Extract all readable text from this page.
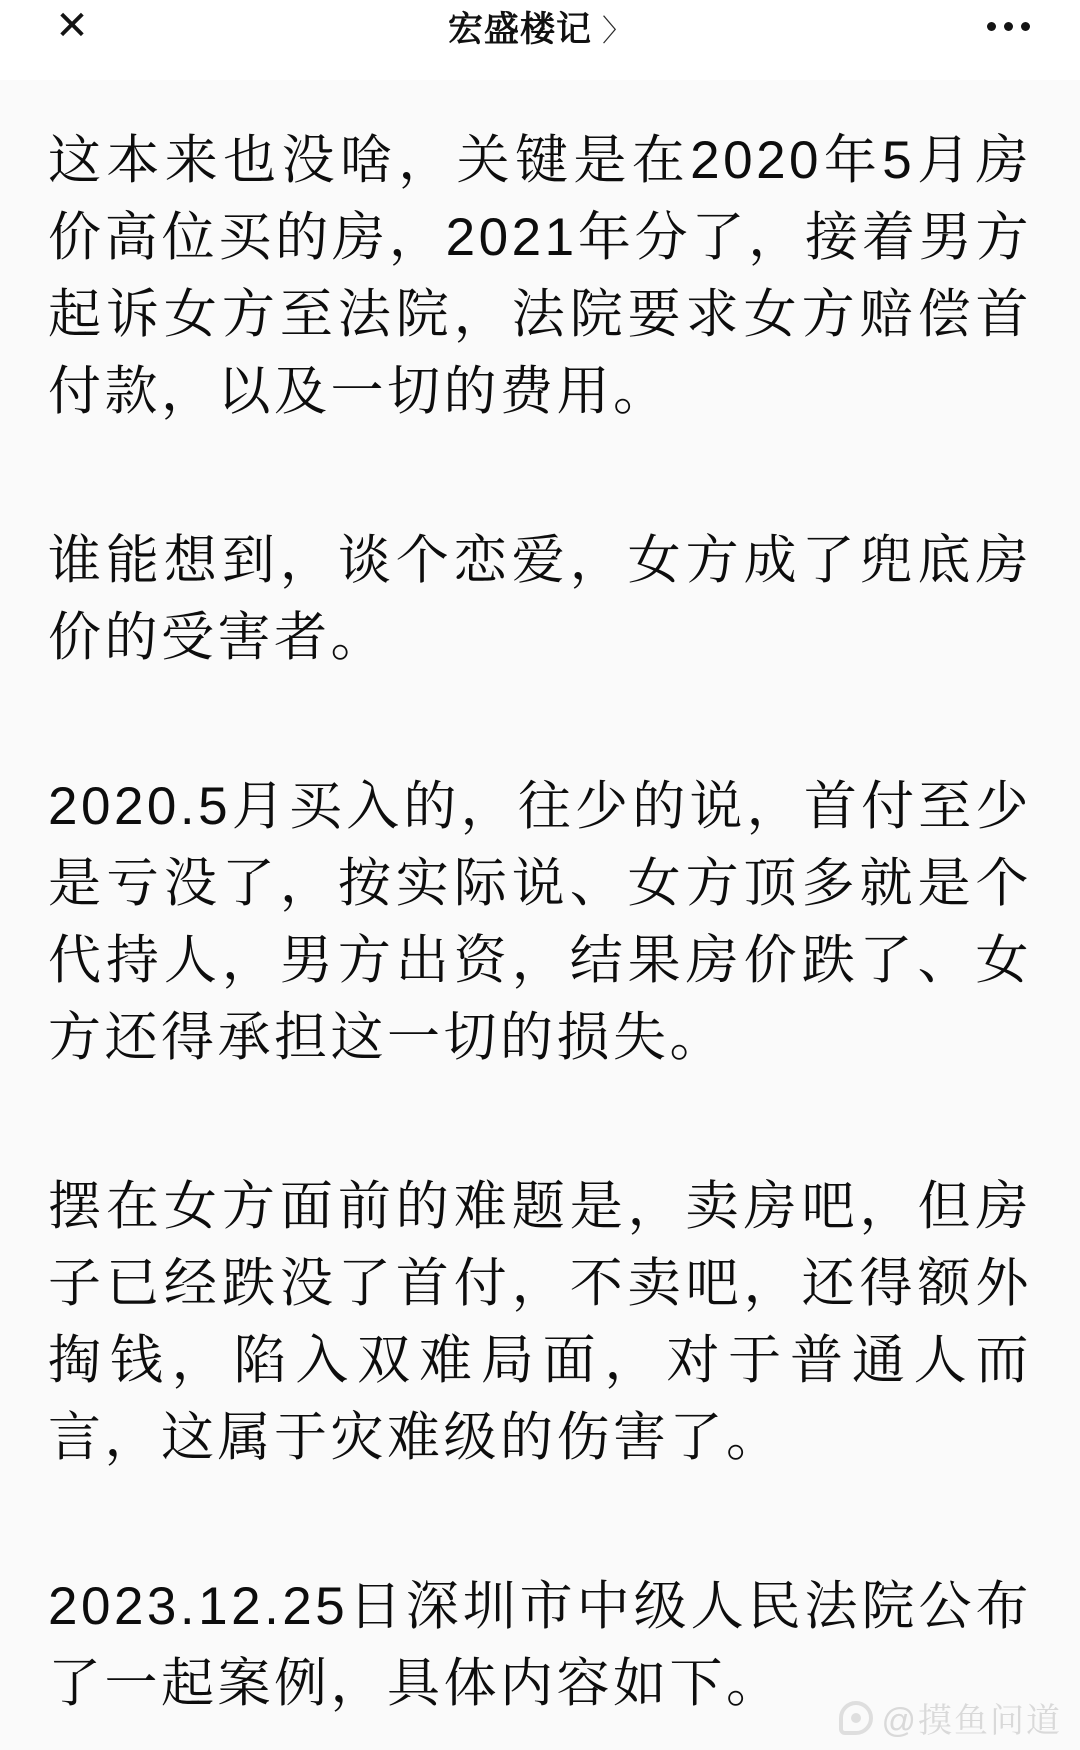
✕	宏盛楼记 〉

这本来也没啥，关键是在2020年5月房价高位买的房，2021年分了，接着男方起诉女方至法院，法院要求女方赔偿首付款，以及一切的费用。

谁能想到，谈个恋爱，女方成了兜底房价的受害者。

2020.5月买入的，往少的说，首付至少是亏没了，按实际说、女方顶多就是个代持人，男方出资，结果房价跌了、女方还得承担这一切的损失。

摆在女方面前的难题是，卖房吧，但房子已经跌没了首付，不卖吧，还得额外掏钱，陷入双难局面，对于普通人而言，这属于灾难级的伤害了。

2023.12.25日深圳市中级人民法院公布了一起案例，具体内容如下。

@摸鱼问道
